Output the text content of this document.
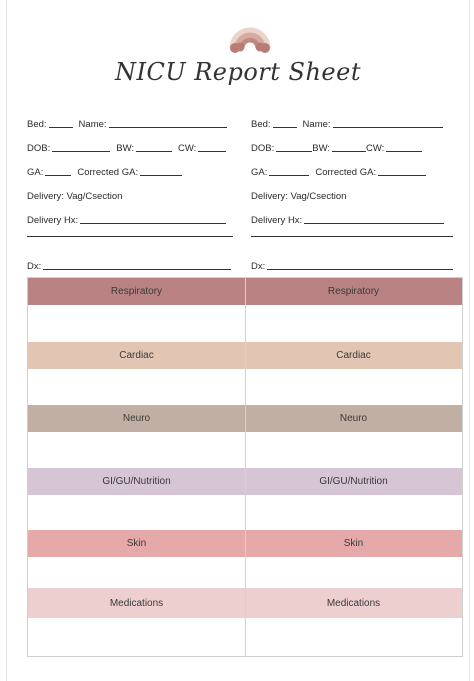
NICU Report Sheet
Bed:	Name:
DOB:	BW:	CW:
GA:	Corrected GA:
Delivery: Vag/Csection
Delivery Hx:
Bed:	Name:
DOB:	BW:	CW:
GA:	Corrected GA:
Delivery: Vag/Csection
Delivery Hx:
Dx:	Dx:
Respiratory	Respiratory
Cardiac	Cardiac
Neuro	Neuro
GI/GU/Nutrition	GI/GU/Nutrition
Skin	Skin
Medications	Medications
